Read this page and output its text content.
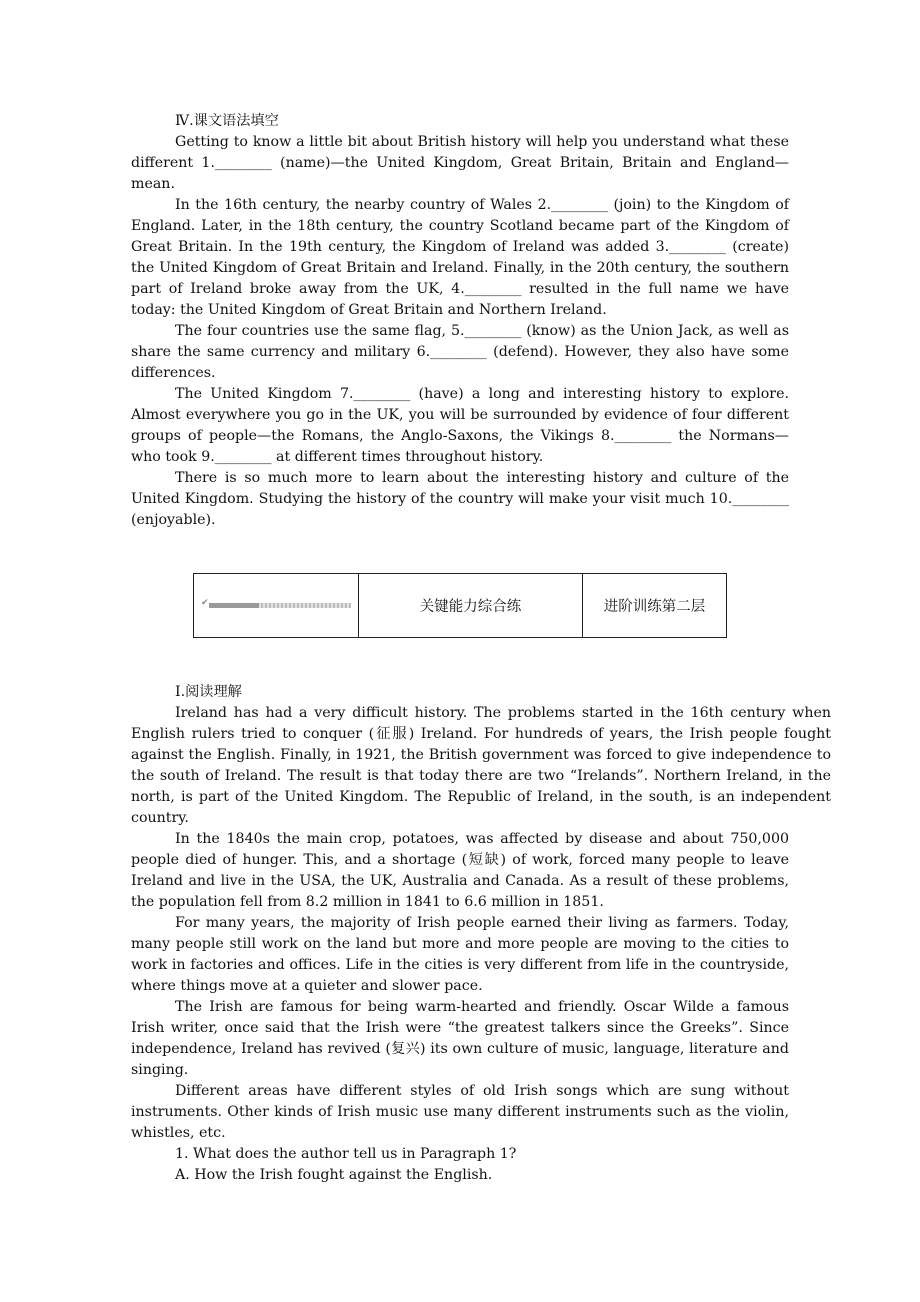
Ⅳ.课文语法填空

Getting to know a little bit about British history will help you understand what these different 1.________ (name)—the United Kingdom, Great Britain, Britain and England—mean.

In the 16th century, the nearby country of Wales 2.________ (join) to the Kingdom of England. Later, in the 18th century, the country Scotland became part of the Kingdom of Great Britain. In the 19th century, the Kingdom of Ireland was added 3.________ (create) the United Kingdom of Great Britain and Ireland. Finally, in the 20th century, the southern part of Ireland broke away from the UK, 4.________ resulted in the full name we have today: the United Kingdom of Great Britain and Northern Ireland.

The four countries use the same flag, 5.________ (know) as the Union Jack, as well as share the same currency and military 6.________ (defend). However, they also have some differences.

The United Kingdom 7.________ (have) a long and interesting history to explore. Almost everywhere you go in the UK, you will be surrounded by evidence of four different groups of people—the Romans, the Anglo-Saxons, the Vikings 8.________ the Normans—who took 9.________ at different times throughout history.

There is so much more to learn about the interesting history and culture of the United Kingdom. Studying the history of the country will make your visit much 10.________ (enjoyable).

✔	关键能力综合练	进阶训练第二层

Ⅰ.阅读理解

Ireland has had a very difficult history. The problems started in the 16th century when English rulers tried to conquer (征服) Ireland. For hundreds of years, the Irish people fought against the English. Finally, in 1921, the British government was forced to give independence to the south of Ireland. The result is that today there are two “Irelands”. Northern Ireland, in the north, is part of the United Kingdom. The Republic of Ireland, in the south, is an independent country.

In the 1840s the main crop, potatoes, was affected by disease and about 750,000 people died of hunger. This, and a shortage (短缺) of work, forced many people to leave Ireland and live in the USA, the UK, Australia and Canada. As a result of these problems, the population fell from 8.2 million in 1841 to 6.6 million in 1851.

For many years, the majority of Irish people earned their living as farmers. Today, many people still work on the land but more and more people are moving to the cities to work in factories and offices. Life in the cities is very different from life in the countryside, where things move at a quieter and slower pace.

The Irish are famous for being warm-hearted and friendly. Oscar Wilde a famous Irish writer, once said that the Irish were “the greatest talkers since the Greeks”. Since independence, Ireland has revived (复兴) its own culture of music, language, literature and singing.

Different areas have different styles of old Irish songs which are sung without instruments. Other kinds of Irish music use many different instruments such as the violin, whistles, etc.

1. What does the author tell us in Paragraph 1?

A. How the Irish fought against the English.
